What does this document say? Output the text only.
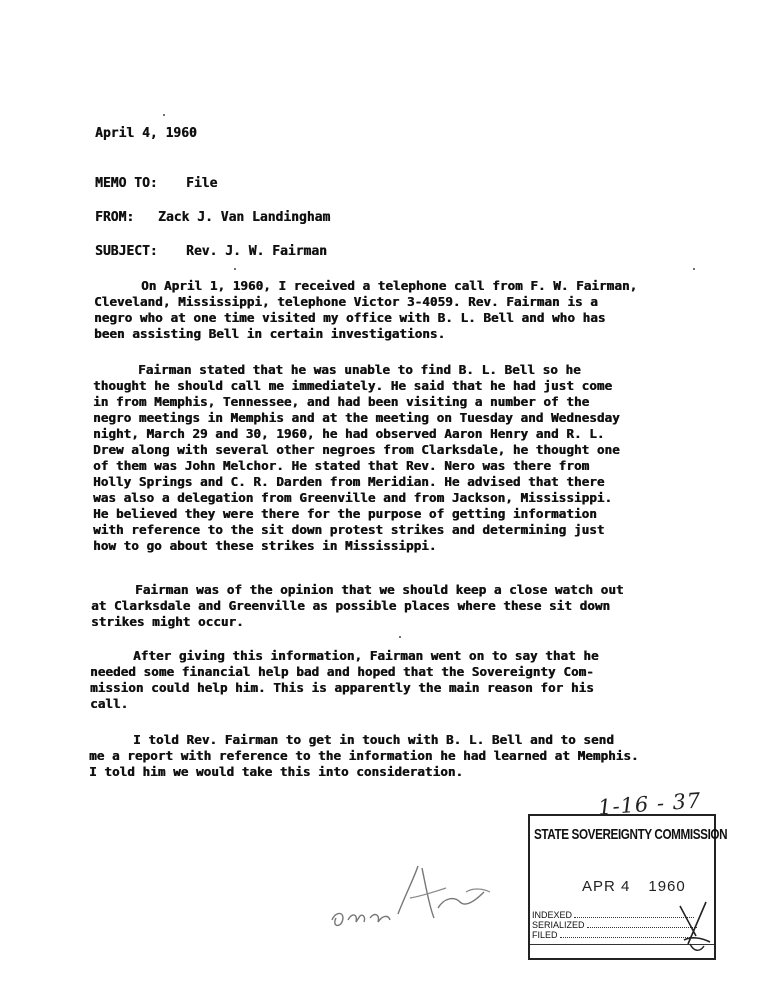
April 4, 1960
MEMO TO: File
FROM: Zack J. Van Landingham
SUBJECT: Rev. J. W. Fairman
On April 1, 1960, I received a telephone call from F. W. Fairman,
Cleveland, Mississippi, telephone Victor 3-4059. Rev. Fairman is a
negro who at one time visited my office with B. L. Bell and who has
been assisting Bell in certain investigations.
Fairman stated that he was unable to find B. L. Bell so he
thought he should call me immediately. He said that he had just come
in from Memphis, Tennessee, and had been visiting a number of the
negro meetings in Memphis and at the meeting on Tuesday and Wednesday
night, March 29 and 30, 1960, he had observed Aaron Henry and R. L.
Drew along with several other negroes from Clarksdale, he thought one
of them was John Melchor. He stated that Rev. Nero was there from
Holly Springs and C. R. Darden from Meridian. He advised that there
was also a delegation from Greenville and from Jackson, Mississippi.
He believed they were there for the purpose of getting information
with reference to the sit down protest strikes and determining just
how to go about these strikes in Mississippi.
Fairman was of the opinion that we should keep a close watch out
at Clarksdale and Greenville as possible places where these sit down
strikes might occur.
After giving this information, Fairman went on to say that he
needed some financial help bad and hoped that the Sovereignty Com-
mission could help him. This is apparently the main reason for his
call.
I told Rev. Fairman to get in touch with B. L. Bell and to send
me a report with reference to the information he had learned at Memphis.
I told him we would take this into consideration.
1-16 - 37
STATE SOVEREIGNTY COMMISSION
APR 4 1960
INDEXED
SERIALIZED
FILED
